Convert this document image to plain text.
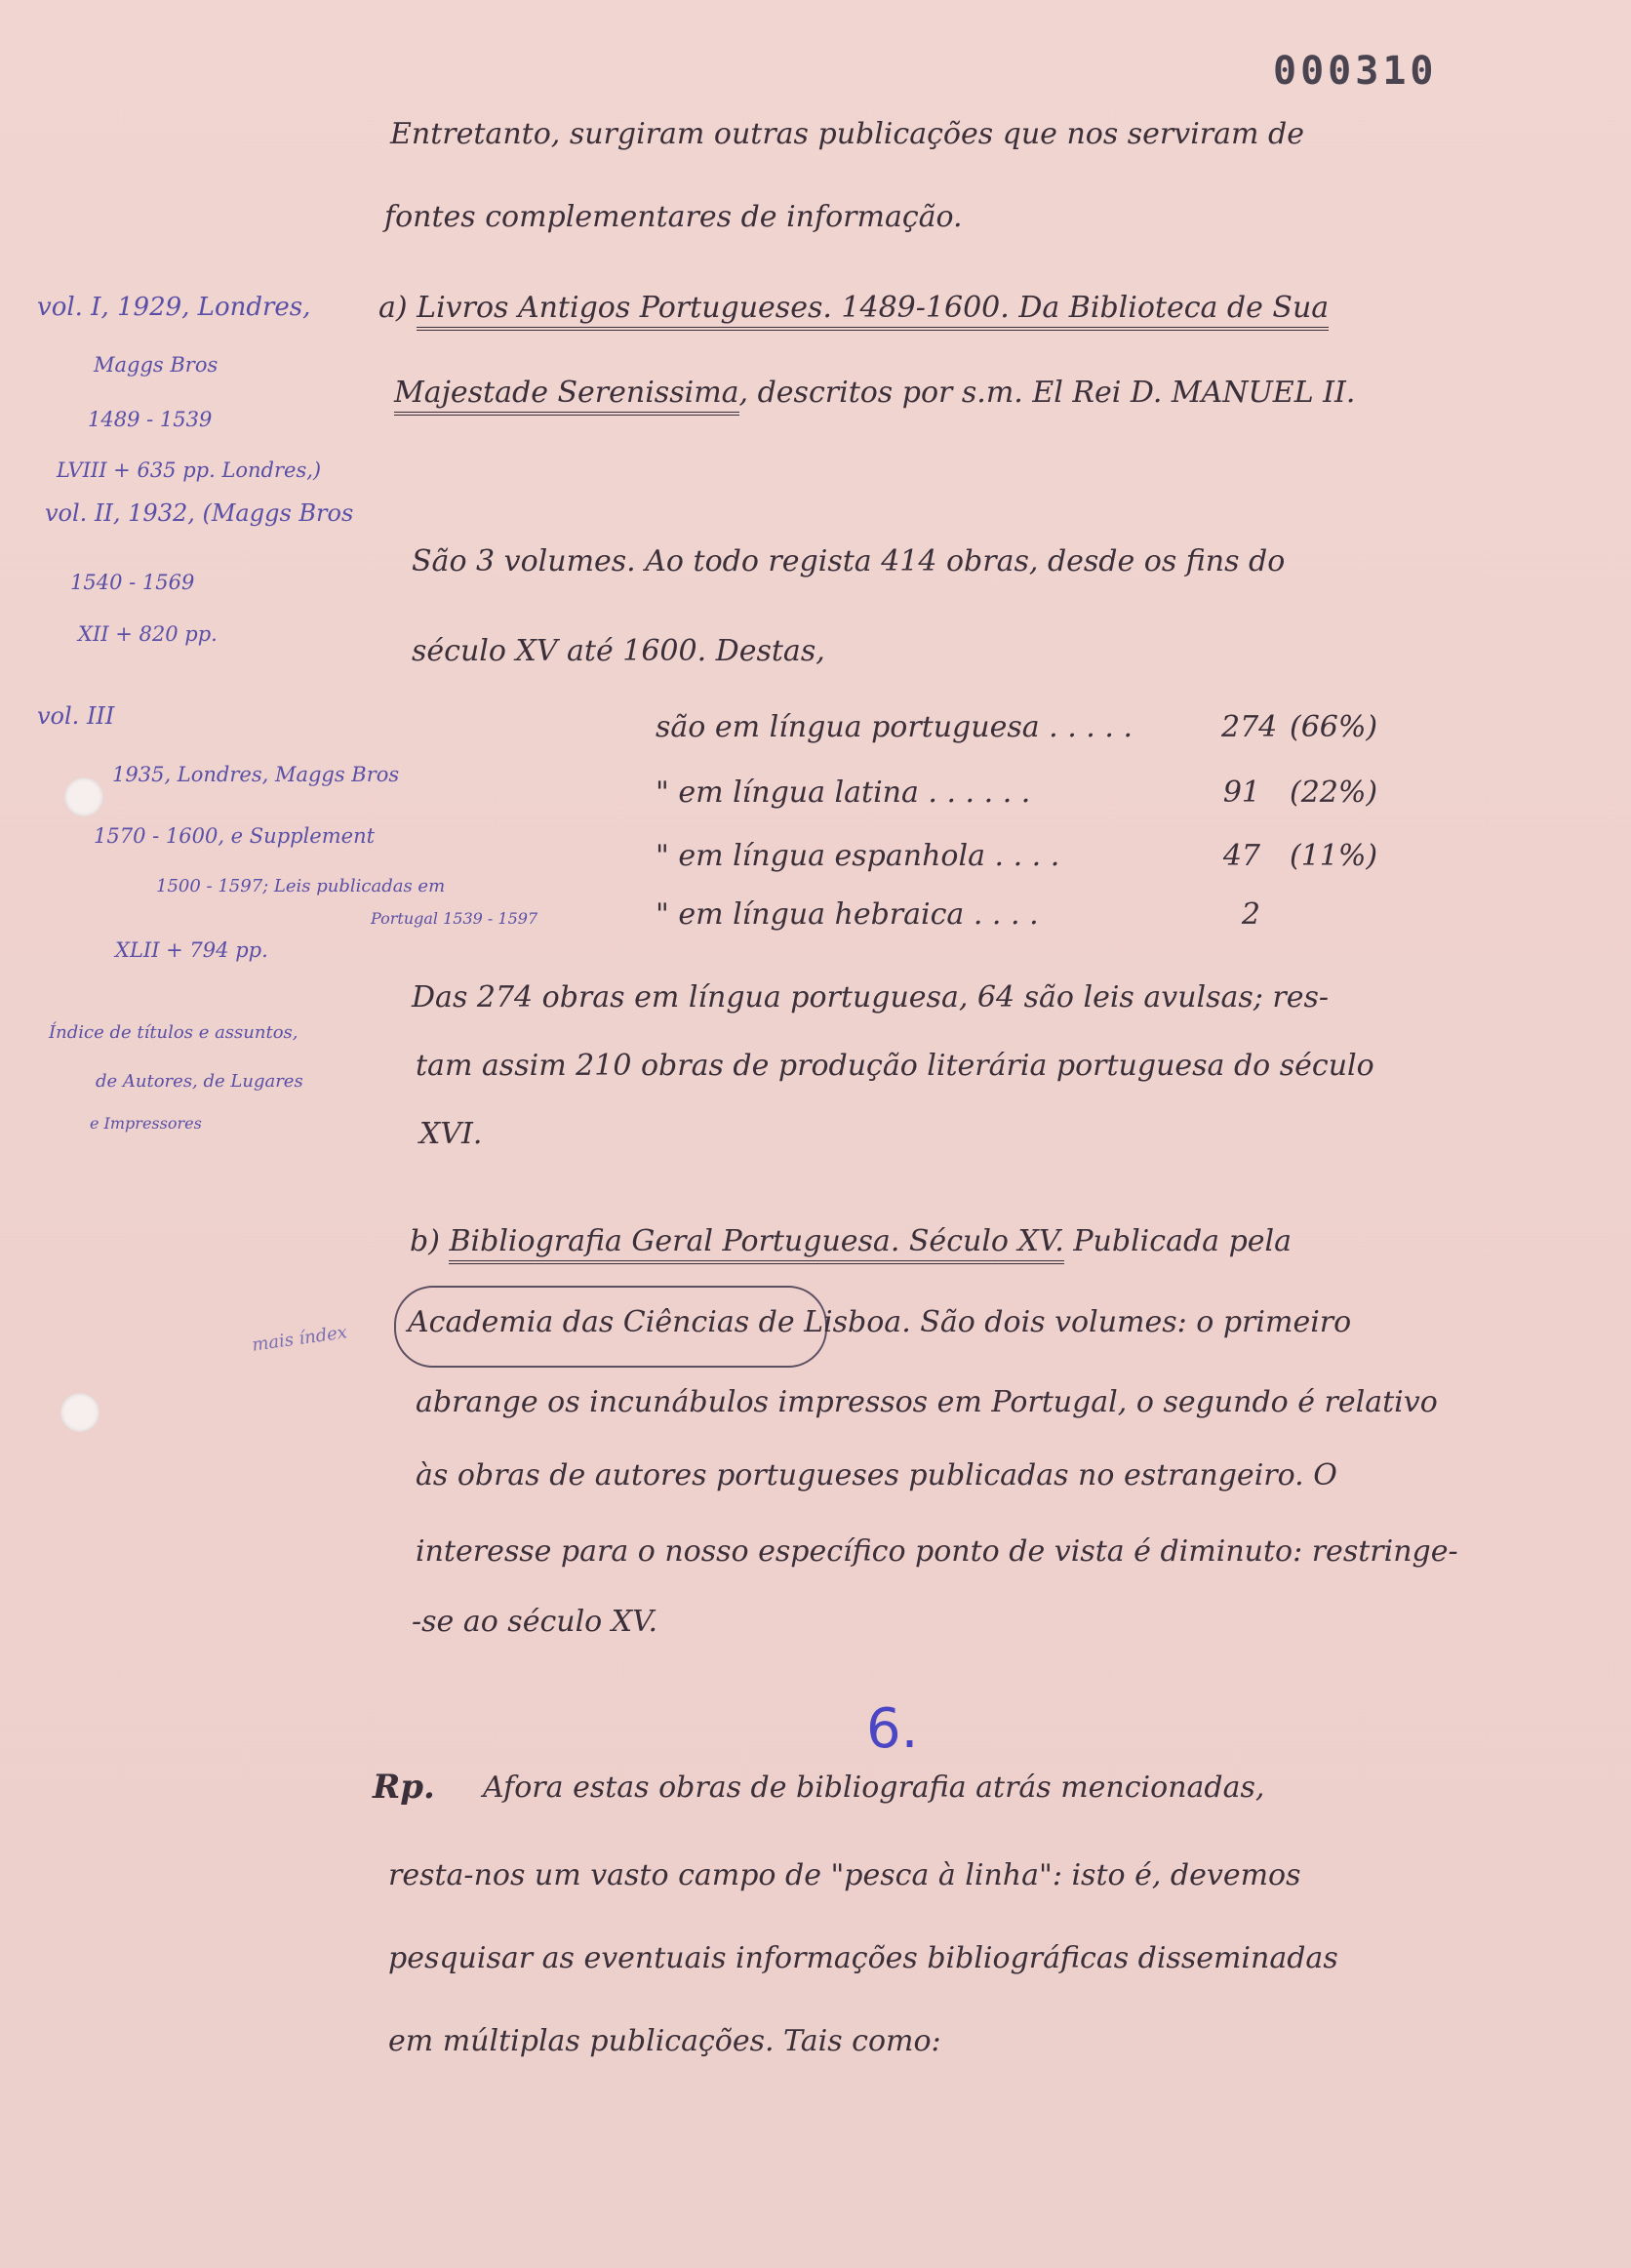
000310
Entretanto, surgiram outras publicações que nos serviram de
fontes complementares de informação.
a) Livros Antigos Portugueses. 1489-1600. Da Biblioteca de Sua
Majestade Serenissima, descritos por s.m. El Rei D. MANUEL II.
São 3 volumes. Ao todo regista 414 obras, desde os fins do
século XV até 1600. Destas,
são em língua portuguesa . . . . .	274 (66%)
" em língua latina . . . . . .	91 (22%)
" em língua espanhola . . . .	47 (11%)
" em língua hebraica . . . .	2
Das 274 obras em língua portuguesa, 64 são leis avulsas; res-
tam assim 210 obras de produção literária portuguesa do século
XVI.
b) Bibliografia Geral Portuguesa. Século XV. Publicada pela
Academia das Ciências de Lisboa. São dois volumes: o primeiro
abrange os incunábulos impressos em Portugal, o segundo é relativo
às obras de autores portugueses publicadas no estrangeiro. O
interesse para o nosso específico ponto de vista é diminuto: restringe-
-se ao século XV.
6.
Rp. Afora estas obras de bibliografia atrás mencionadas,
resta-nos um vasto campo de "pesca à linha": isto é, devemos
pesquisar as eventuais informações bibliográficas disseminadas
em múltiplas publicações. Tais como:
vol. I, 1929, Londres,
Maggs Bros
1489 - 1539
LVIII + 635 pp. Londres,)
vol. II, 1932, (Maggs Bros
1540 - 1569
XII + 820 pp.
vol. III
1935, Londres, Maggs Bros
1570 - 1600, e Supplement
1500 - 1597; Leis publicadas em
Portugal 1539 - 1597
XLII + 794 pp.
Índice de títulos e assuntos,
de Autores, de Lugares
e Impressores
mais índex
